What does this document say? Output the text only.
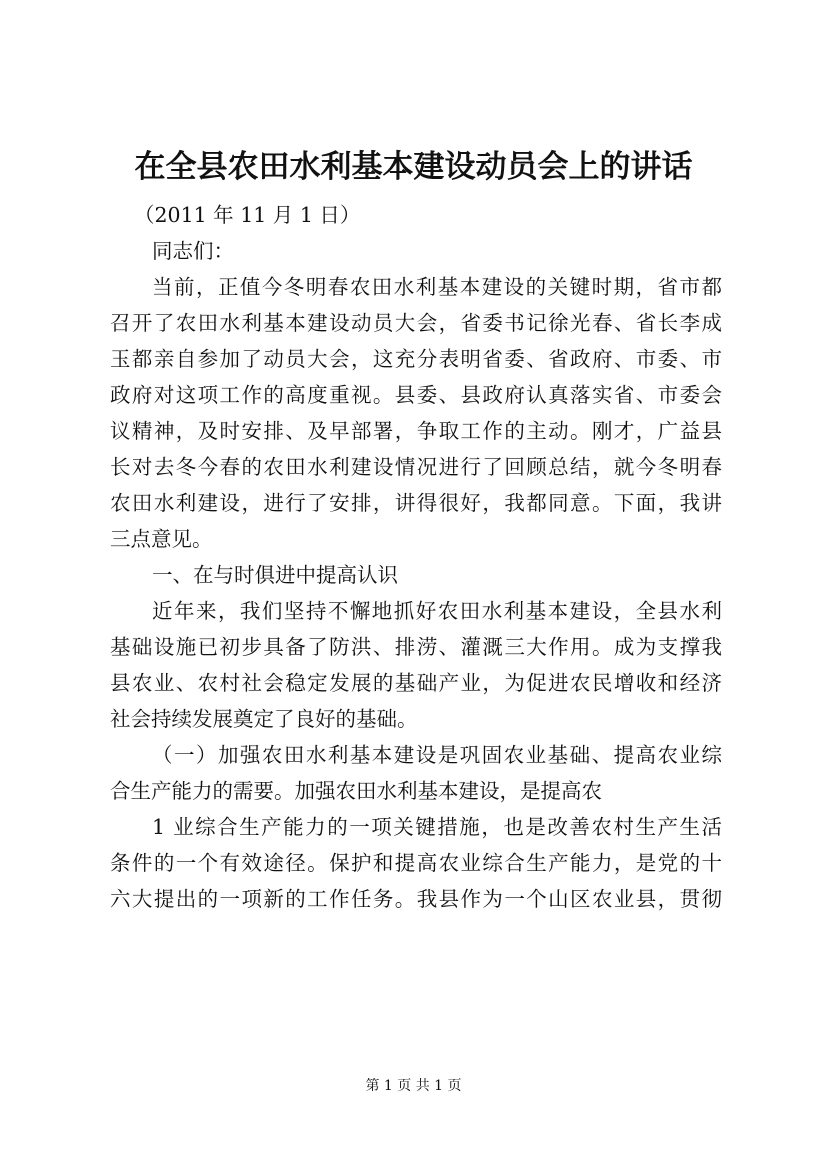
在全县农田水利基本建设动员会上的讲话
（2011 年 11 月 1 日）
同志们：
当前，正值今冬明春农田水利基本建设的关键时期，省市都
召开了农田水利基本建设动员大会，省委书记徐光春、省长李成
玉都亲自参加了动员大会，这充分表明省委、省政府、市委、市
政府对这项工作的高度重视。县委、县政府认真落实省、市委会
议精神，及时安排、及早部署，争取工作的主动。刚才，广益县
长对去冬今春的农田水利建设情况进行了回顾总结，就今冬明春
农田水利建设，进行了安排，讲得很好，我都同意。下面，我讲
三点意见。
一、在与时俱进中提高认识
近年来，我们坚持不懈地抓好农田水利基本建设，全县水利
基础设施已初步具备了防洪、排涝、灌溉三大作用。成为支撑我
县农业、农村社会稳定发展的基础产业，为促进农民增收和经济
社会持续发展奠定了良好的基础。
（一）加强农田水利基本建设是巩固农业基础、提高农业综
合生产能力的需要。加强农田水利基本建设，是提高农
1 业综合生产能力的一项关键措施，也是改善农村生产生活
条件的一个有效途径。保护和提高农业综合生产能力，是党的十
六大提出的一项新的工作任务。我县作为一个山区农业县，贯彻
第 1 页 共 1 页
